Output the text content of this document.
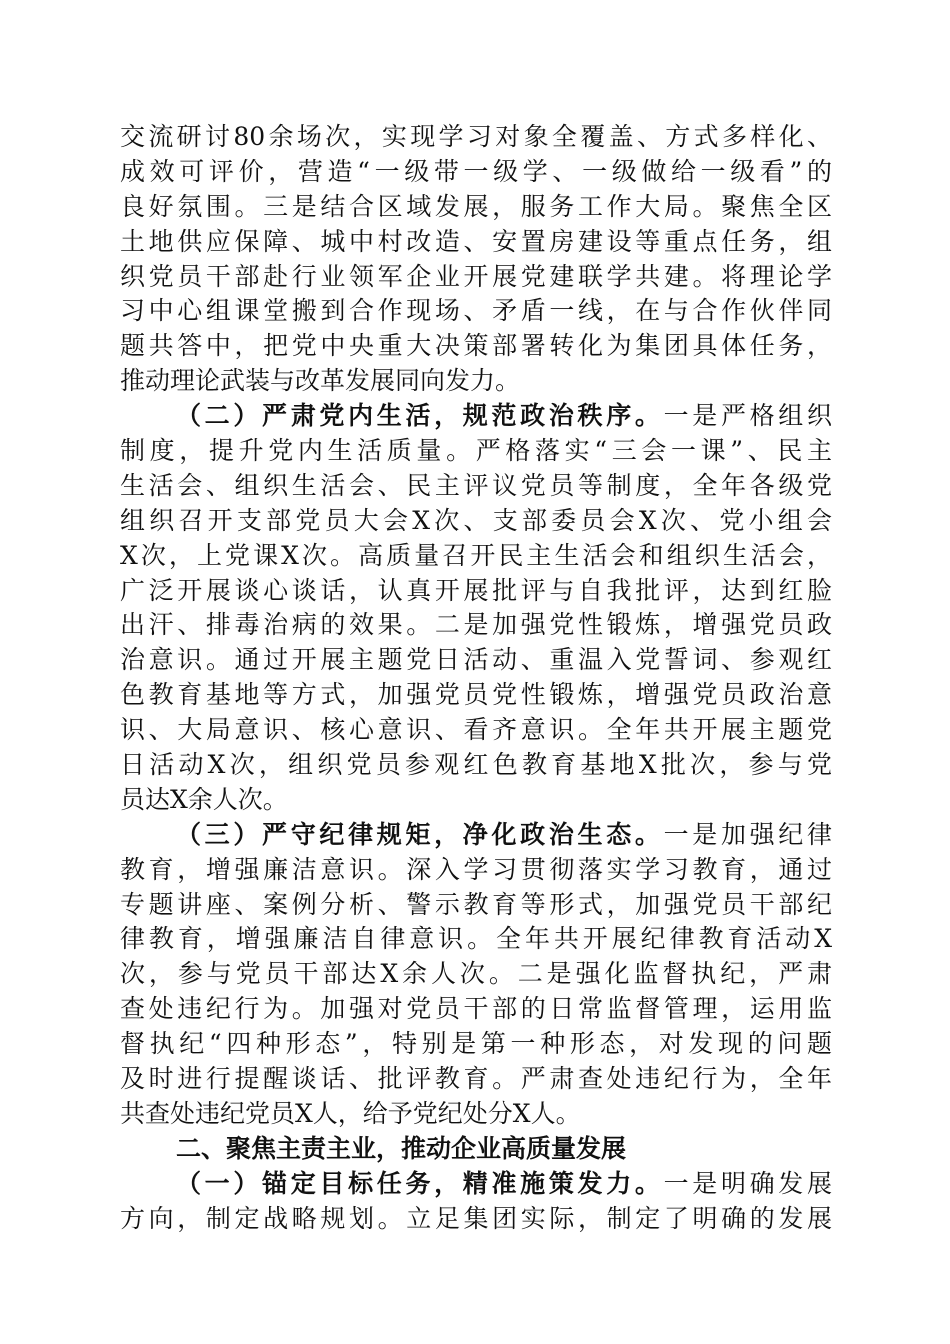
交流研讨80余场次，实现学习对象全覆盖、方式多样化、
成效可评价，营造“一级带一级学、一级做给一级看”的
良好氛围。三是结合区域发展，服务工作大局。聚焦全区
土地供应保障、城中村改造、安置房建设等重点任务，组
织党员干部赴行业领军企业开展党建联学共建。将理论学
习中心组课堂搬到合作现场、矛盾一线，在与合作伙伴同
题共答中，把党中央重大决策部署转化为集团具体任务，
推动理论武装与改革发展同向发力。
（二）严肃党内生活，规范政治秩序。一是严格组织
制度，提升党内生活质量。严格落实“三会一课”、民主
生活会、组织生活会、民主评议党员等制度，全年各级党
组织召开支部党员大会X次、支部委员会X次、党小组会
X次，上党课X次。高质量召开民主生活会和组织生活会，
广泛开展谈心谈话，认真开展批评与自我批评，达到红脸
出汗、排毒治病的效果。二是加强党性锻炼，增强党员政
治意识。通过开展主题党日活动、重温入党誓词、参观红
色教育基地等方式，加强党员党性锻炼，增强党员政治意
识、大局意识、核心意识、看齐意识。全年共开展主题党
日活动X次，组织党员参观红色教育基地X批次，参与党
员达X余人次。
（三）严守纪律规矩，净化政治生态。一是加强纪律
教育，增强廉洁意识。深入学习贯彻落实学习教育，通过
专题讲座、案例分析、警示教育等形式，加强党员干部纪
律教育，增强廉洁自律意识。全年共开展纪律教育活动X
次，参与党员干部达X余人次。二是强化监督执纪，严肃
查处违纪行为。加强对党员干部的日常监督管理，运用监
督执纪“四种形态”，特别是第一种形态，对发现的问题
及时进行提醒谈话、批评教育。严肃查处违纪行为，全年
共查处违纪党员X人，给予党纪处分X人。
二、聚焦主责主业，推动企业高质量发展
（一）锚定目标任务，精准施策发力。一是明确发展
方向，制定战略规划。立足集团实际，制定了明确的发展
